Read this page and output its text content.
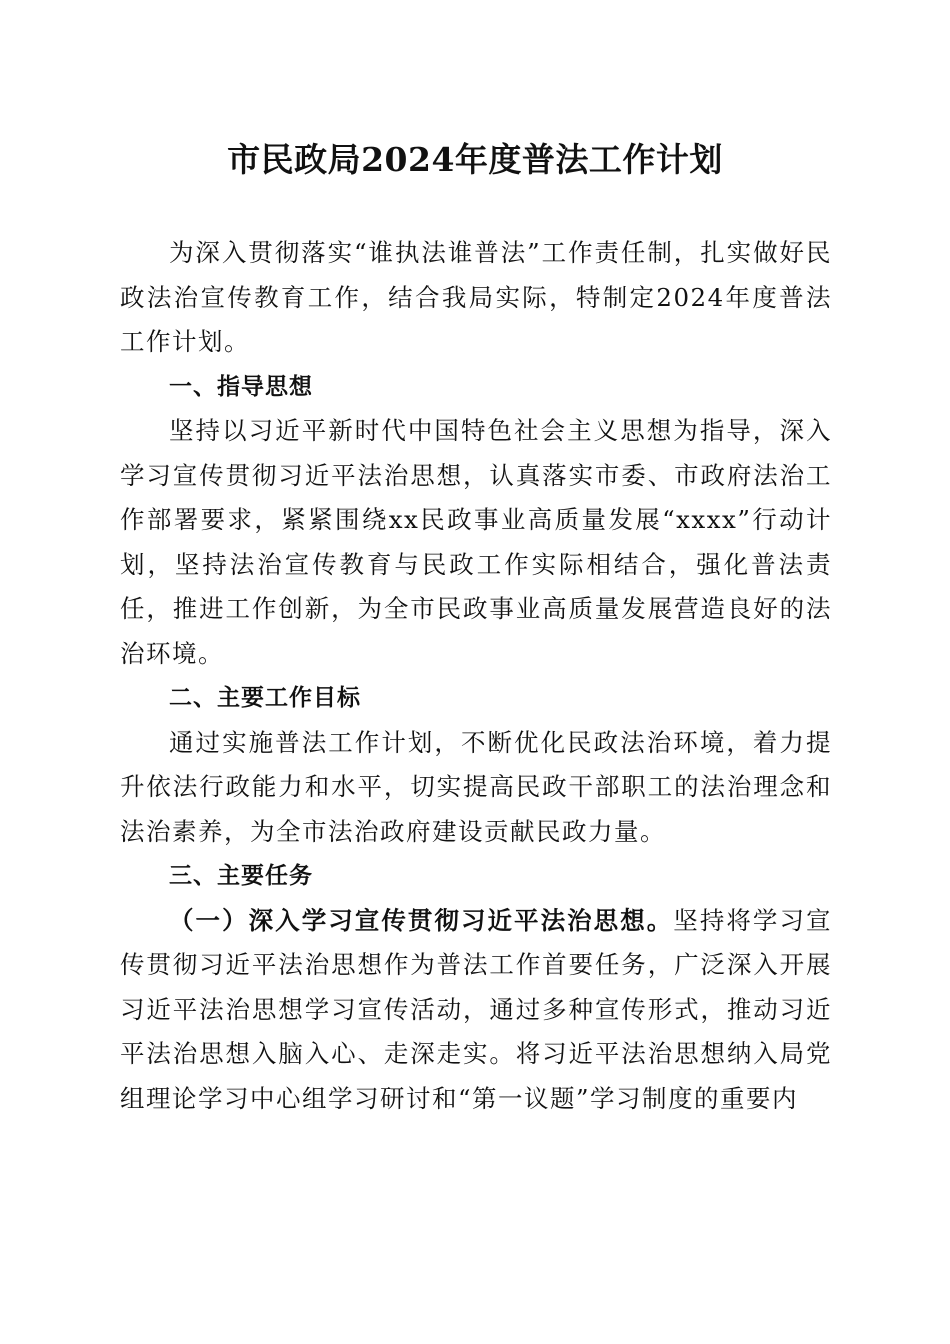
市民政局2024年度普法工作计划

为深入贯彻落实“谁执法谁普法”工作责任制，扎实做好民政法治宣传教育工作，结合我局实际，特制定2024年度普法工作计划。

一、指导思想

坚持以习近平新时代中国特色社会主义思想为指导，深入学习宣传贯彻习近平法治思想，认真落实市委、市政府法治工作部署要求，紧紧围绕xx民政事业高质量发展“xxxx”行动计划，坚持法治宣传教育与民政工作实际相结合，强化普法责任，推进工作创新，为全市民政事业高质量发展营造良好的法治环境。

二、主要工作目标

通过实施普法工作计划，不断优化民政法治环境，着力提升依法行政能力和水平，切实提高民政干部职工的法治理念和法治素养，为全市法治政府建设贡献民政力量。

三、主要任务

（一）深入学习宣传贯彻习近平法治思想。坚持将学习宣传贯彻习近平法治思想作为普法工作首要任务，广泛深入开展习近平法治思想学习宣传活动，通过多种宣传形式，推动习近平法治思想入脑入心、走深走实。将习近平法治思想纳入局党组理论学习中心组学习研讨和“第一议题”学习制度的重要内
